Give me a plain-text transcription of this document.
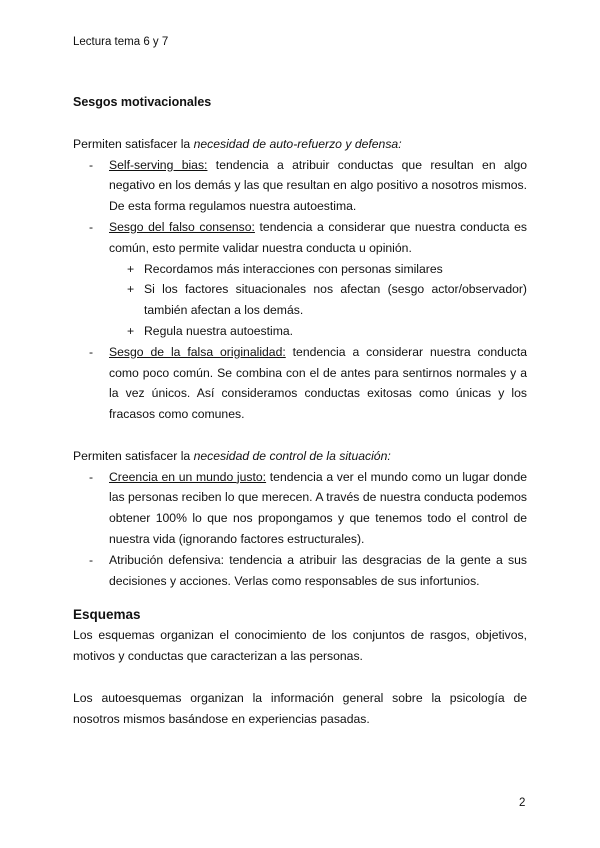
Lectura tema 6 y 7
Sesgos motivacionales

Permiten satisfacer la necesidad de auto-refuerzo y defensa:

- Self-serving bias: tendencia a atribuir conductas que resultan en algo negativo en los demás y las que resultan en algo positivo a nosotros mismos. De esta forma regulamos nuestra autoestima.
- Sesgo del falso consenso: tendencia a considerar que nuestra conducta es común, esto permite validar nuestra conducta u opinión.
+ Recordamos más interacciones con personas similares
+ Si los factores situacionales nos afectan (sesgo actor/observador) también afectan a los demás.
+ Regula nuestra autoestima.
- Sesgo de la falsa originalidad: tendencia a considerar nuestra conducta como poco común. Se combina con el de antes para sentirnos normales y a la vez únicos. Así consideramos conductas exitosas como únicas y los fracasos como comunes.

Permiten satisfacer la necesidad de control de la situación:

- Creencia en un mundo justo: tendencia a ver el mundo como un lugar donde las personas reciben lo que merecen. A través de nuestra conducta podemos obtener 100% lo que nos propongamos y que tenemos todo el control de nuestra vida (ignorando factores estructurales).
- Atribución defensiva: tendencia a atribuir las desgracias de la gente a sus decisiones y acciones. Verlas como responsables de sus infortunios.
Esquemas

Los esquemas organizan el conocimiento de los conjuntos de rasgos, objetivos, motivos y conductas que caracterizan a las personas.

Los autoesquemas organizan la información general sobre la psicología de nosotros mismos basándose en experiencias pasadas.

2
